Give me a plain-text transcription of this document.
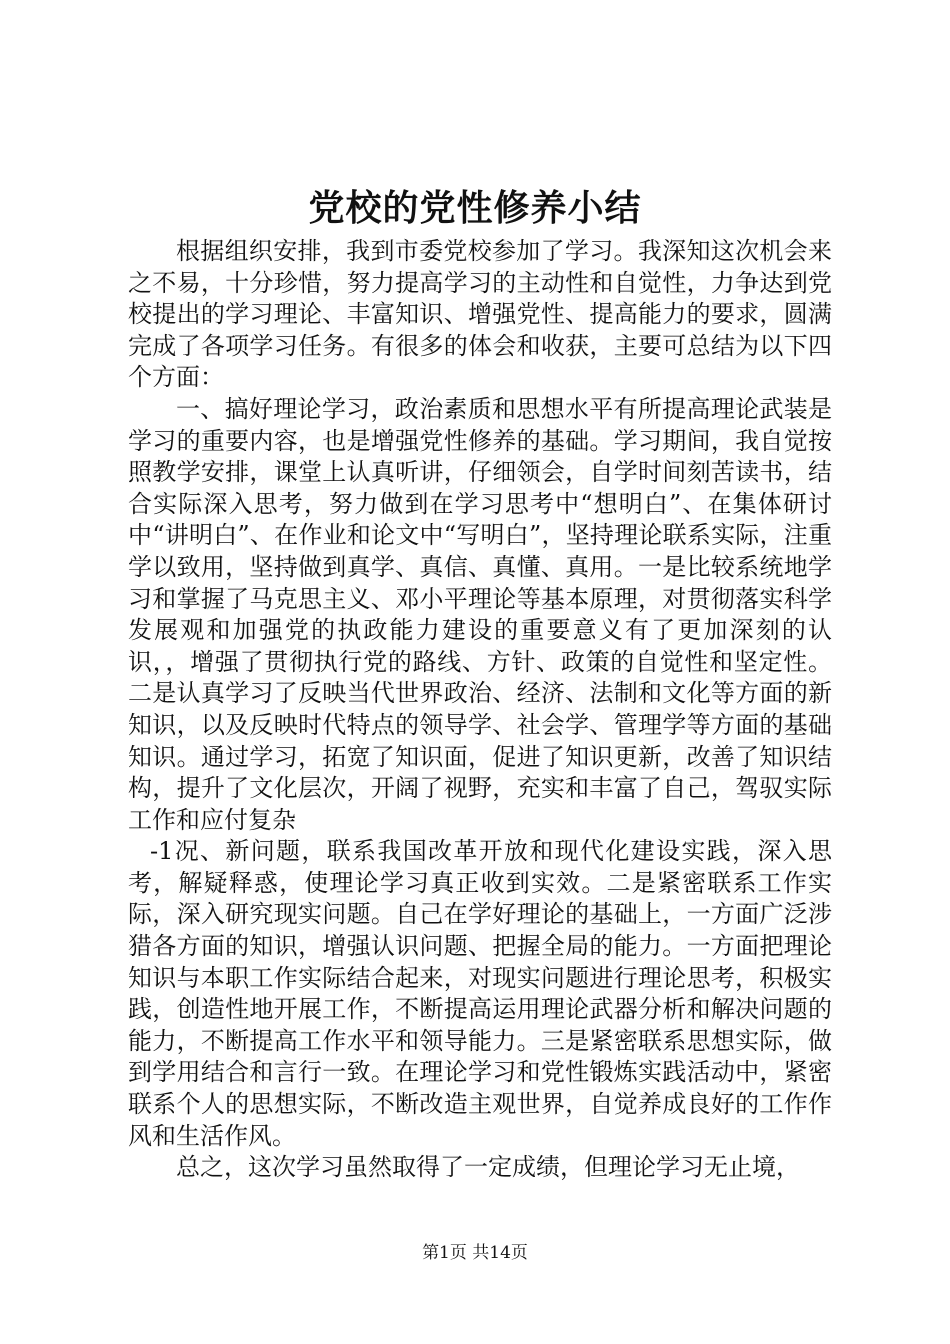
党校的党性修养小结

根据组织安排，我到市委党校参加了学习。我深知这次机会来之不易，十分珍惜，努力提高学习的主动性和自觉性，力争达到党校提出的学习理论、丰富知识、增强党性、提高能力的要求，圆满完成了各项学习任务。有很多的体会和收获，主要可总结为以下四个方面：

一、搞好理论学习，政治素质和思想水平有所提高理论武装是学习的重要内容，也是增强党性修养的基础。学习期间，我自觉按照教学安排，课堂上认真听讲，仔细领会，自学时间刻苦读书，结合实际深入思考，努力做到在学习思考中“想明白”、在集体研讨中“讲明白”、在作业和论文中“写明白”，坚持理论联系实际，注重学以致用，坚持做到真学、真信、真懂、真用。一是比较系统地学习和掌握了马克思主义、邓小平理论等基本原理，对贯彻落实科学发展观和加强党的执政能力建设的重要意义有了更加深刻的认识，，增强了贯彻执行党的路线、方针、政策的自觉性和坚定性。二是认真学习了反映当代世界政治、经济、法制和文化等方面的新知识，以及反映时代特点的领导学、社会学、管理学等方面的基础知识。通过学习，拓宽了知识面，促进了知识更新，改善了知识结构，提升了文化层次，开阔了视野，充实和丰富了自己，驾驭实际工作和应付复杂

-1况、新问题，联系我国改革开放和现代化建设实践，深入思考，解疑释惑，使理论学习真正收到实效。二是紧密联系工作实际，深入研究现实问题。自己在学好理论的基础上，一方面广泛涉猎各方面的知识，增强认识问题、把握全局的能力。一方面把理论知识与本职工作实际结合起来，对现实问题进行理论思考，积极实践，创造性地开展工作，不断提高运用理论武器分析和解决问题的能力，不断提高工作水平和领导能力。三是紧密联系思想实际，做到学用结合和言行一致。在理论学习和党性锻炼实践活动中，紧密联系个人的思想实际，不断改造主观世界，自觉养成良好的工作作风和生活作风。

总之，这次学习虽然取得了一定成绩，但理论学习无止境，

第1页 共14页
